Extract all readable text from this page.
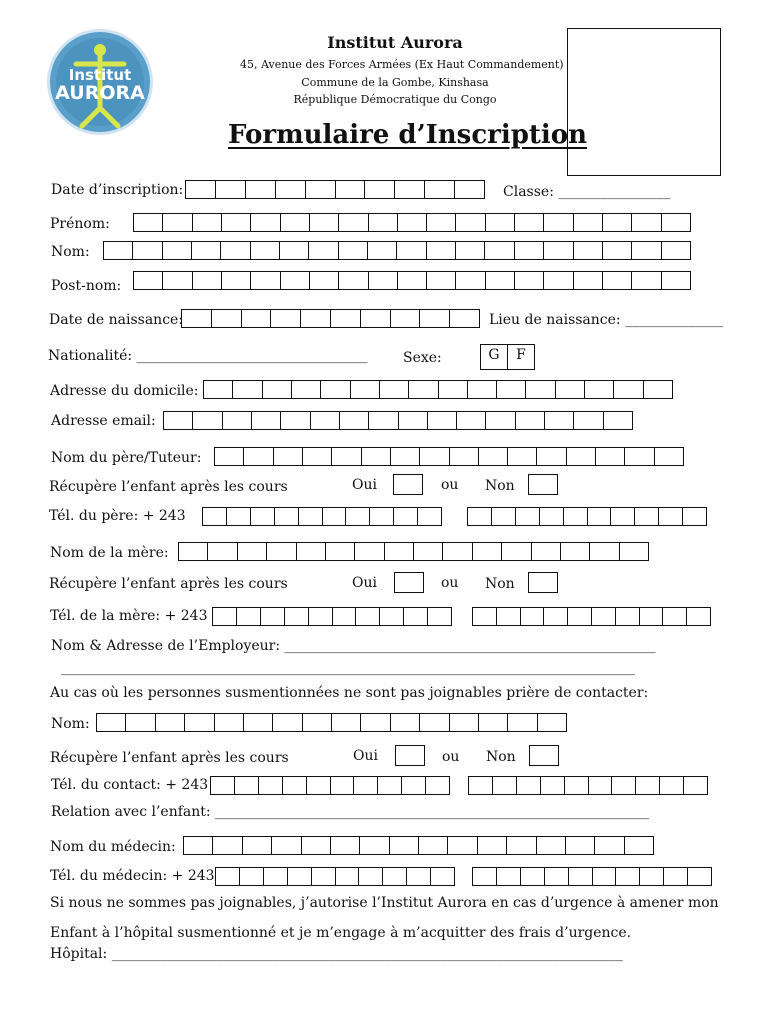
Institut
AURORA
Institut Aurora
45, Avenue des Forces Armées (Ex Haut Commandement)
Commune de la Gombe, Kinshasa
République Démocratique du Congo
Formulaire d’Inscription
Date d’inscription:	Classe: ________________
Prénom:
Nom:
Post-nom:
Date de naissance:	Lieu de naissance: ______________
Nationalité: _________________________________	Sexe:	G	F
Adresse du domicile:
Adresse email:
Nom du père/Tuteur:
Récupère l’enfant après les cours	Oui	ou Non
Tél. du père: + 243
Nom de la mère:
Récupère l’enfant après les cours	Oui	ou Non
Tél. de la mère: + 243
Nom & Adresse de l’Employeur: _____________________________________________________
__________________________________________________________________________________
Au cas où les personnes susmentionnées ne sont pas joignables prière de contacter:
Nom:
Récupère l’enfant après les cours	Oui	ou Non
Tél. du contact: + 243
Relation avec l’enfant: ______________________________________________________________
Nom du médecin:
Tél. du médecin: + 243
Si nous ne sommes pas joignables, j’autorise l’Institut Aurora en cas d’urgence à amener mon
Enfant à l’hôpital susmentionné et je m’engage à m’acquitter des frais d’urgence.
Hôpital: _________________________________________________________________________
